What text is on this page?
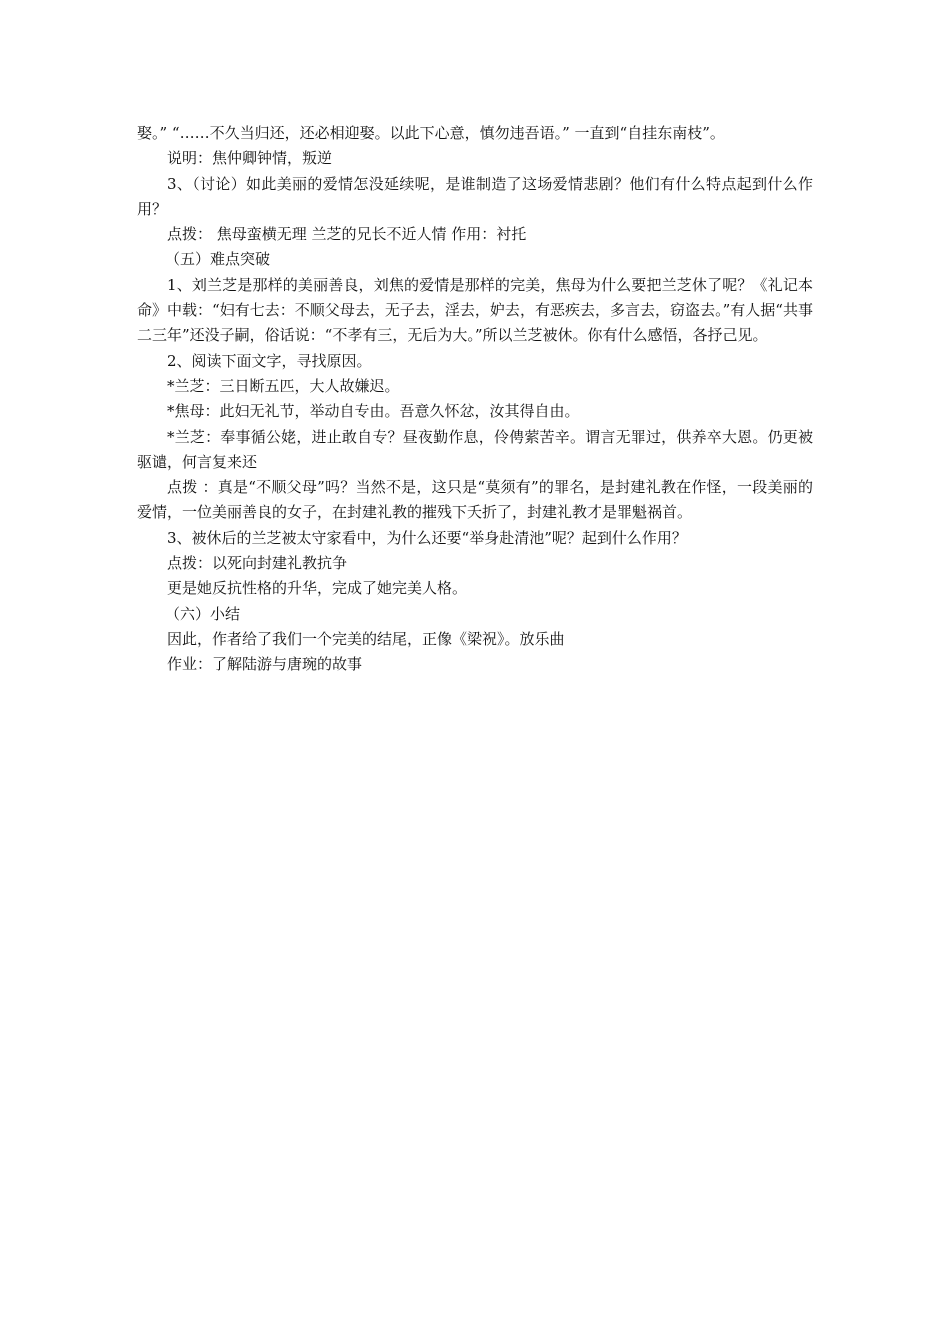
娶。” “……不久当归还，还必相迎娶。以此下心意，慎勿违吾语。” 一直到“自挂东南枝”。

说明：焦仲卿钟情，叛逆

3、（讨论）如此美丽的爱情怎没延续呢，是谁制造了这场爱情悲剧？他们有什么特点起到什么作用？

点拨： 焦母蛮横无理 兰芝的兄长不近人情 作用：衬托

（五）难点突破

1、刘兰芝是那样的美丽善良，刘焦的爱情是那样的完美，焦母为什么要把兰芝休了呢？《礼记本命》中载：“妇有七去：不顺父母去，无子去，淫去，妒去，有恶疾去，多言去，窃盗去。”有人据“共事二三年”还没子嗣，俗话说：“不孝有三，无后为大。”所以兰芝被休。你有什么感悟，各抒己见。

2、阅读下面文字，寻找原因。

*兰芝：三日断五匹，大人故嫌迟。

*焦母：此妇无礼节，举动自专由。吾意久怀忿，汝其得自由。

*兰芝：奉事循公姥，进止敢自专？昼夜勤作息，伶俜萦苦辛。谓言无罪过，供养卒大恩。仍更被驱谴，何言复来还

点拨 ：真是“不顺父母”吗？当然不是，这只是“莫须有”的罪名，是封建礼教在作怪，一段美丽的爱情，一位美丽善良的女子，在封建礼教的摧残下夭折了，封建礼教才是罪魁祸首。

3、被休后的兰芝被太守家看中，为什么还要“举身赴清池”呢？起到什么作用？

点拨：以死向封建礼教抗争

更是她反抗性格的升华，完成了她完美人格。

（六）小结

因此，作者给了我们一个完美的结尾，正像《梁祝》。放乐曲

作业：了解陆游与唐琬的故事
